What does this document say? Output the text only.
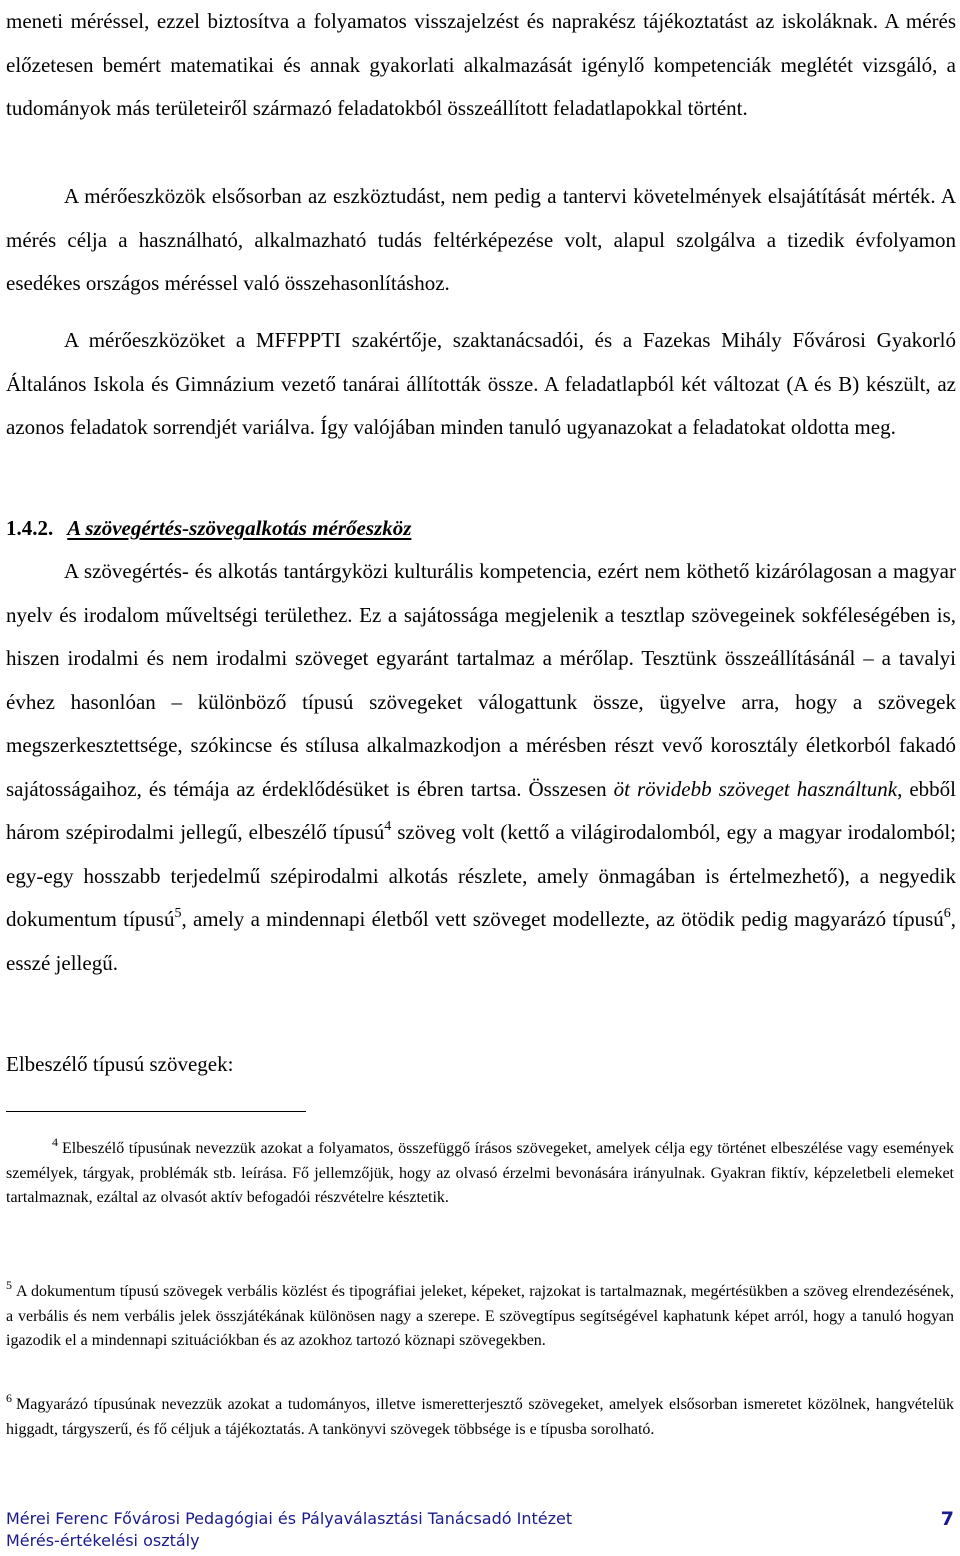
meneti méréssel, ezzel biztosítva a folyamatos visszajelzést és naprakész tájékoztatást az iskoláknak. A mérés előzetesen bemért matematikai és annak gyakorlati alkalmazását igénylő kompetenciák meglétét vizsgáló, a tudományok más területeiről származó feladatokból összeállított feladatlapokkal történt.

A mérőeszközök elsősorban az eszköztudást, nem pedig a tantervi követelmények elsajátítását mérték. A mérés célja a használható, alkalmazható tudás feltérképezése volt, alapul szolgálva a tizedik évfolyamon esedékes országos méréssel való összehasonlításhoz.

A mérőeszközöket a MFFPPTI szakértője, szaktanácsadói, és a Fazekas Mihály Fővárosi Gyakorló Általános Iskola és Gimnázium vezető tanárai állították össze. A feladatlapból két változat (A és B) készült, az azonos feladatok sorrendjét variálva. Így valójában minden tanuló ugyanazokat a feladatokat oldotta meg.

1.4.2. A szövegértés-szövegalkotás mérőeszköz

A szövegértés- és alkotás tantárgyközi kulturális kompetencia, ezért nem köthető kizárólagosan a magyar nyelv és irodalom műveltségi területhez. Ez a sajátossága megjelenik a tesztlap szövegeinek sokféleségében is, hiszen irodalmi és nem irodalmi szöveget egyaránt tartalmaz a mérőlap. Tesztünk összeállításánál – a tavalyi évhez hasonlóan – különböző típusú szövegeket válogattunk össze, ügyelve arra, hogy a szövegek megszerkesztettsége, szókincse és stílusa alkalmazkodjon a mérésben részt vevő korosztály életkorból fakadó sajátosságaihoz, és témája az érdeklődésüket is ébren tartsa. Összesen öt rövidebb szöveget használtunk, ebből három szépirodalmi jellegű, elbeszélő típusú$^4$ szöveg volt (kettő a világirodalomból, egy a magyar irodalomból; egy-egy hosszabb terjedelmű szépirodalmi alkotás részlete, amely önmagában is értelmezhető), a negyedik dokumentum típusú$^5$, amely a mindennapi életből vett szöveget modellezte, az ötödik pedig magyarázó típusú$^6$, esszé jellegű.

Elbeszélő típusú szövegek:

$^4$ Elbeszélő típusúnak nevezzük azokat a folyamatos, összefüggő írásos szövegeket, amelyek célja egy történet elbeszélése vagy események személyek, tárgyak, problémák stb. leírása. Fő jellemzőjük, hogy az olvasó érzelmi bevonására irányulnak. Gyakran fiktív, képzeletbeli elemeket tartalmaznak, ezáltal az olvasót aktív befogadói részvételre késztetik.

$^5$ A dokumentum típusú szövegek verbális közlést és tipográfiai jeleket, képeket, rajzokat is tartalmaznak, megértésükben a szöveg elrendezésének, a verbális és nem verbális jelek összjátékának különösen nagy a szerepe. E szövegtípus segítségével kaphatunk képet arról, hogy a tanuló hogyan igazodik el a mindennapi szituációkban és az azokhoz tartozó köznapi szövegekben.

$^6$ Magyarázó típusúnak nevezzük azokat a tudományos, illetve ismeretterjesztő szövegeket, amelyek elsősorban ismeretet közölnek, hangvételük higgadt, tárgyszerű, és fő céljuk a tájékoztatás. A tankönyvi szövegek többsége is e típusba sorolható.

Mérei Ferenc Fővárosi Pedagógiai és Pályaválasztási Tanácsadó Intézet
Mérés-értékelési osztály
7
